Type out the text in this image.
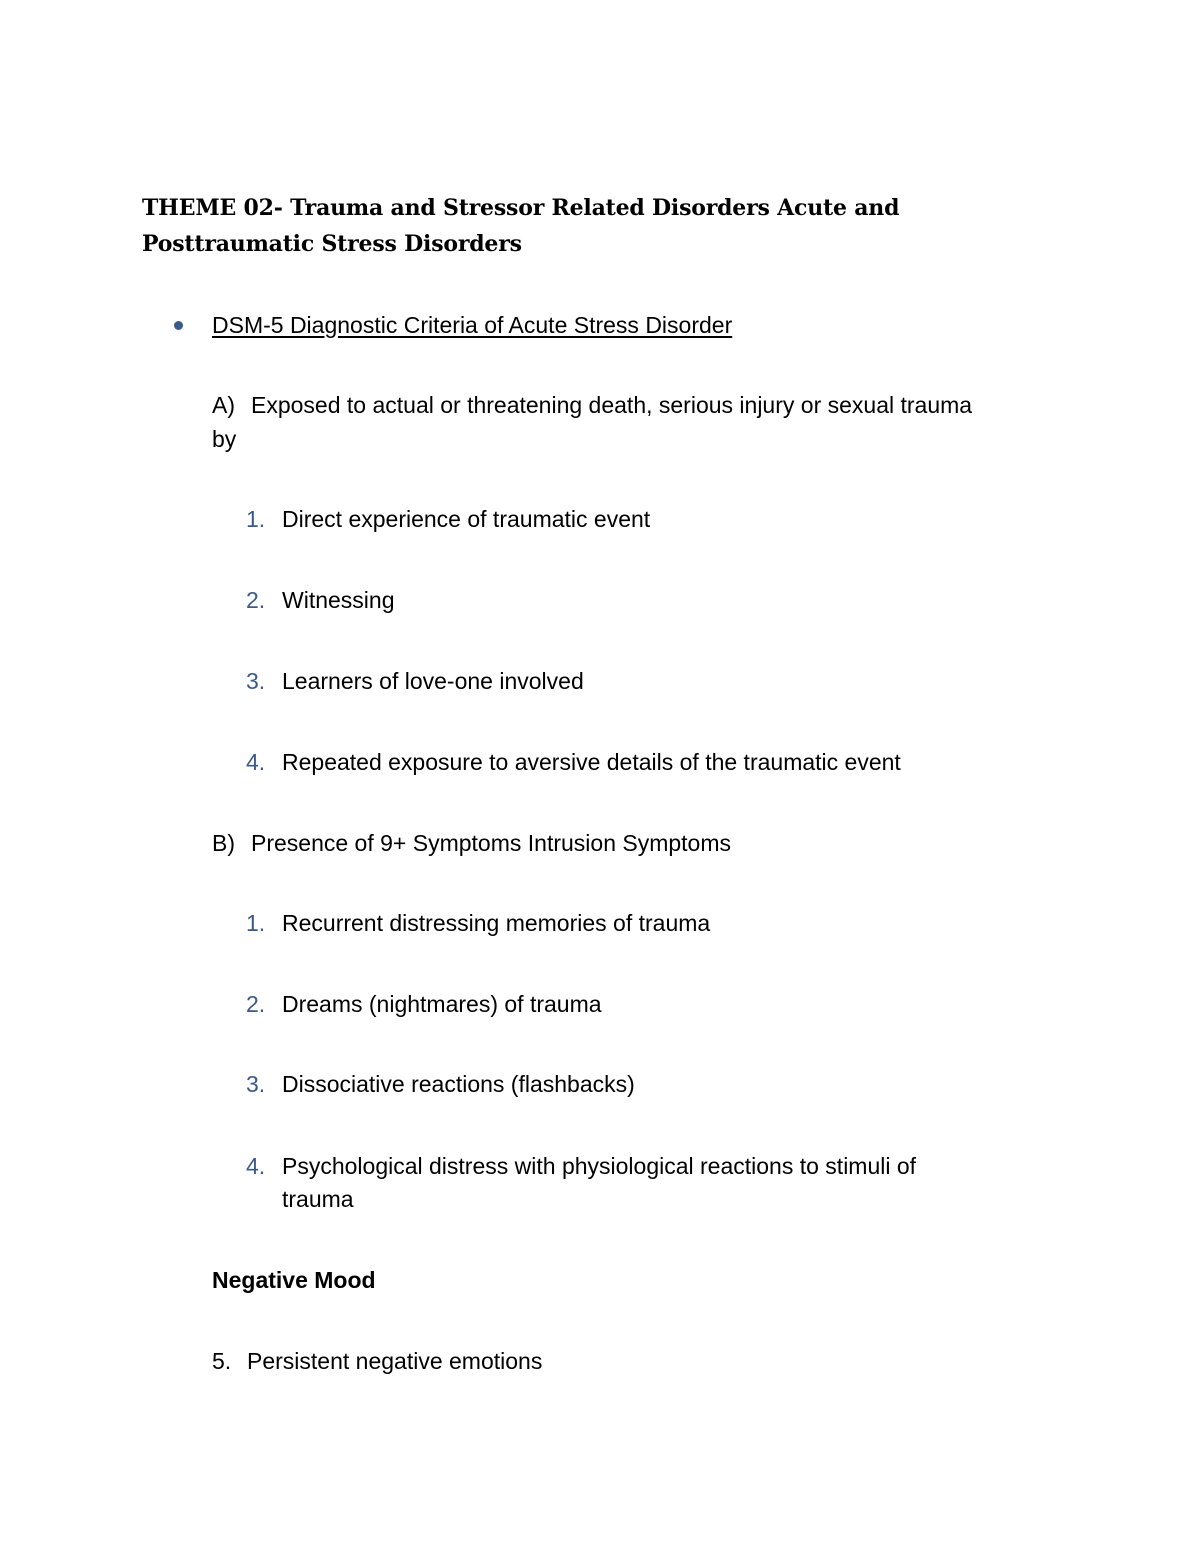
THEME 02- Trauma and Stressor Related Disorders Acute and
Posttraumatic Stress Disorders
DSM-5 Diagnostic Criteria of Acute Stress Disorder
A) Exposed to actual or threatening death, serious injury or sexual trauma
by
1. Direct experience of traumatic event
2. Witnessing
3. Learners of love-one involved
4. Repeated exposure to aversive details of the traumatic event
B) Presence of 9+ Symptoms Intrusion Symptoms
1. Recurrent distressing memories of trauma
2. Dreams (nightmares) of trauma
3. Dissociative reactions (flashbacks)
4. Psychological distress with physiological reactions to stimuli of
trauma
Negative Mood
5. Persistent negative emotions
